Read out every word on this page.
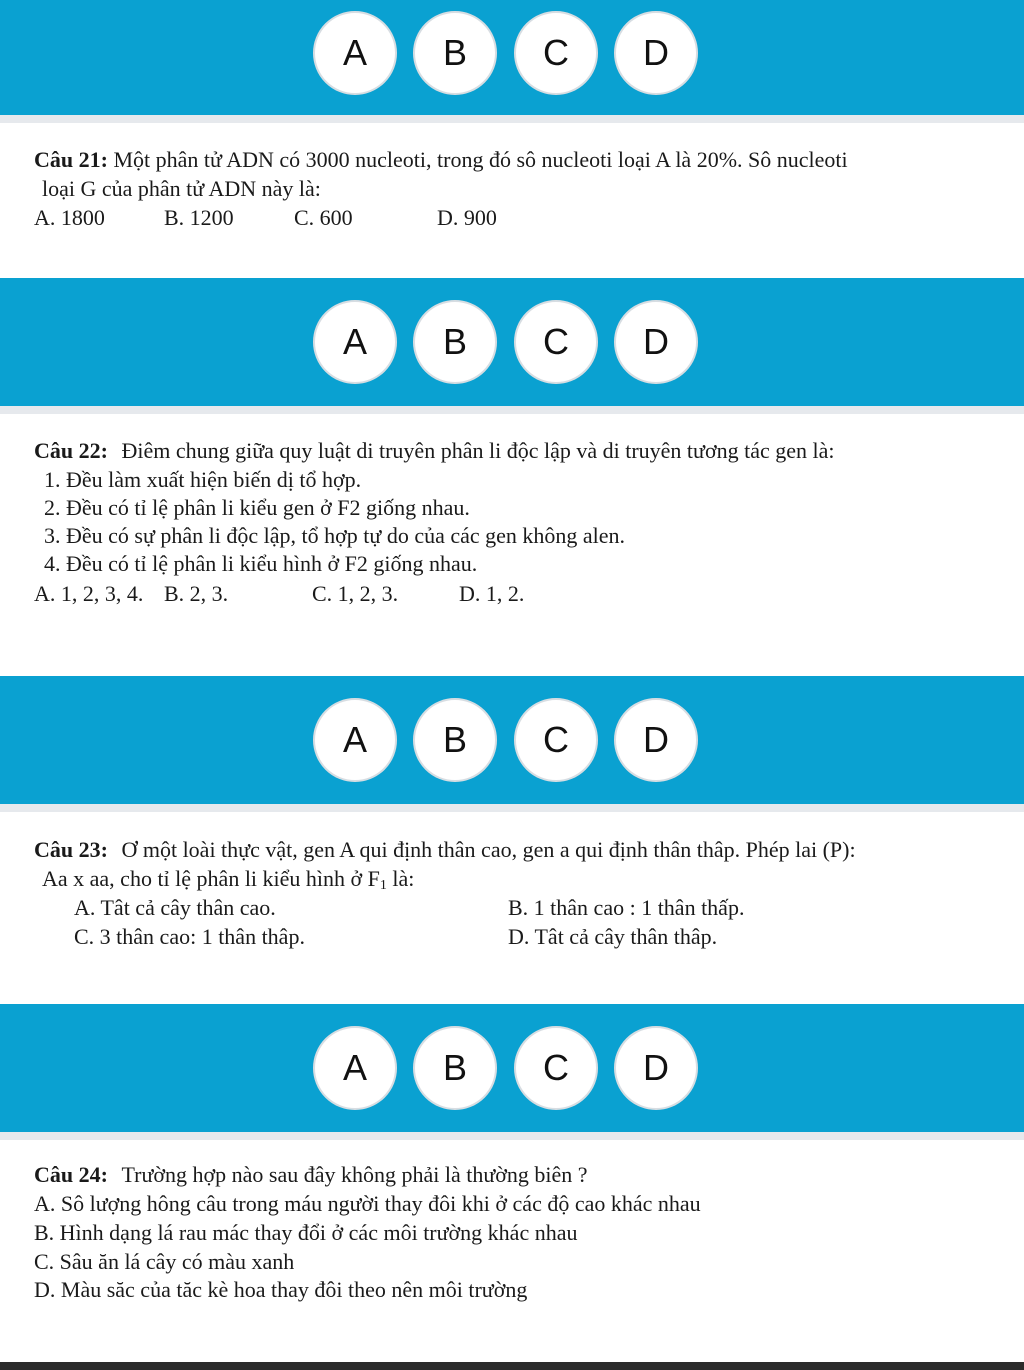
A	B	C	D
Câu 21: Một phân tử ADN có 3000 nucleoti, trong đó sô nucleoti loại A là 20%. Sô nucleoti
loại G của phân tử ADN này là:
A. 1800	B. 1200	C. 600	D. 900
A	B	C	D
Câu 22: Điêm chung giữa quy luật di truyên phân li độc lập và di truyên tương tác gen là:
1. Đều làm xuất hiện biến dị tổ hợp.
2. Đều có tỉ lệ phân li kiểu gen ở F2 giống nhau.
3. Đều có sự phân li độc lập, tổ hợp tự do của các gen không alen.
4. Đều có tỉ lệ phân li kiểu hình ở F2 giống nhau.
A. 1, 2, 3, 4. B. 2, 3.	C. 1, 2, 3.	D. 1, 2.
A	B	C	D
Câu 23: Ơ một loài thực vật, gen A qui định thân cao, gen a qui định thân thâp. Phép lai (P):
Aa x aa, cho tỉ lệ phân li kiểu hình ở $F_1$ là:
A. Tât cả cây thân cao.	B. 1 thân cao : 1 thân thấp.
C. 3 thân cao: 1 thân thâp.	D. Tât cả cây thân thâp.
A	B	C	D
Câu 24: Trường hợp nào sau đây không phải là thường biên ?
A. Sô lượng hông câu trong máu người thay đôi khi ở các độ cao khác nhau
B. Hình dạng lá rau mác thay đổi ở các môi trường khác nhau
C. Sâu ăn lá cây có màu xanh
D. Màu săc của tăc kè hoa thay đôi theo nên môi trường
